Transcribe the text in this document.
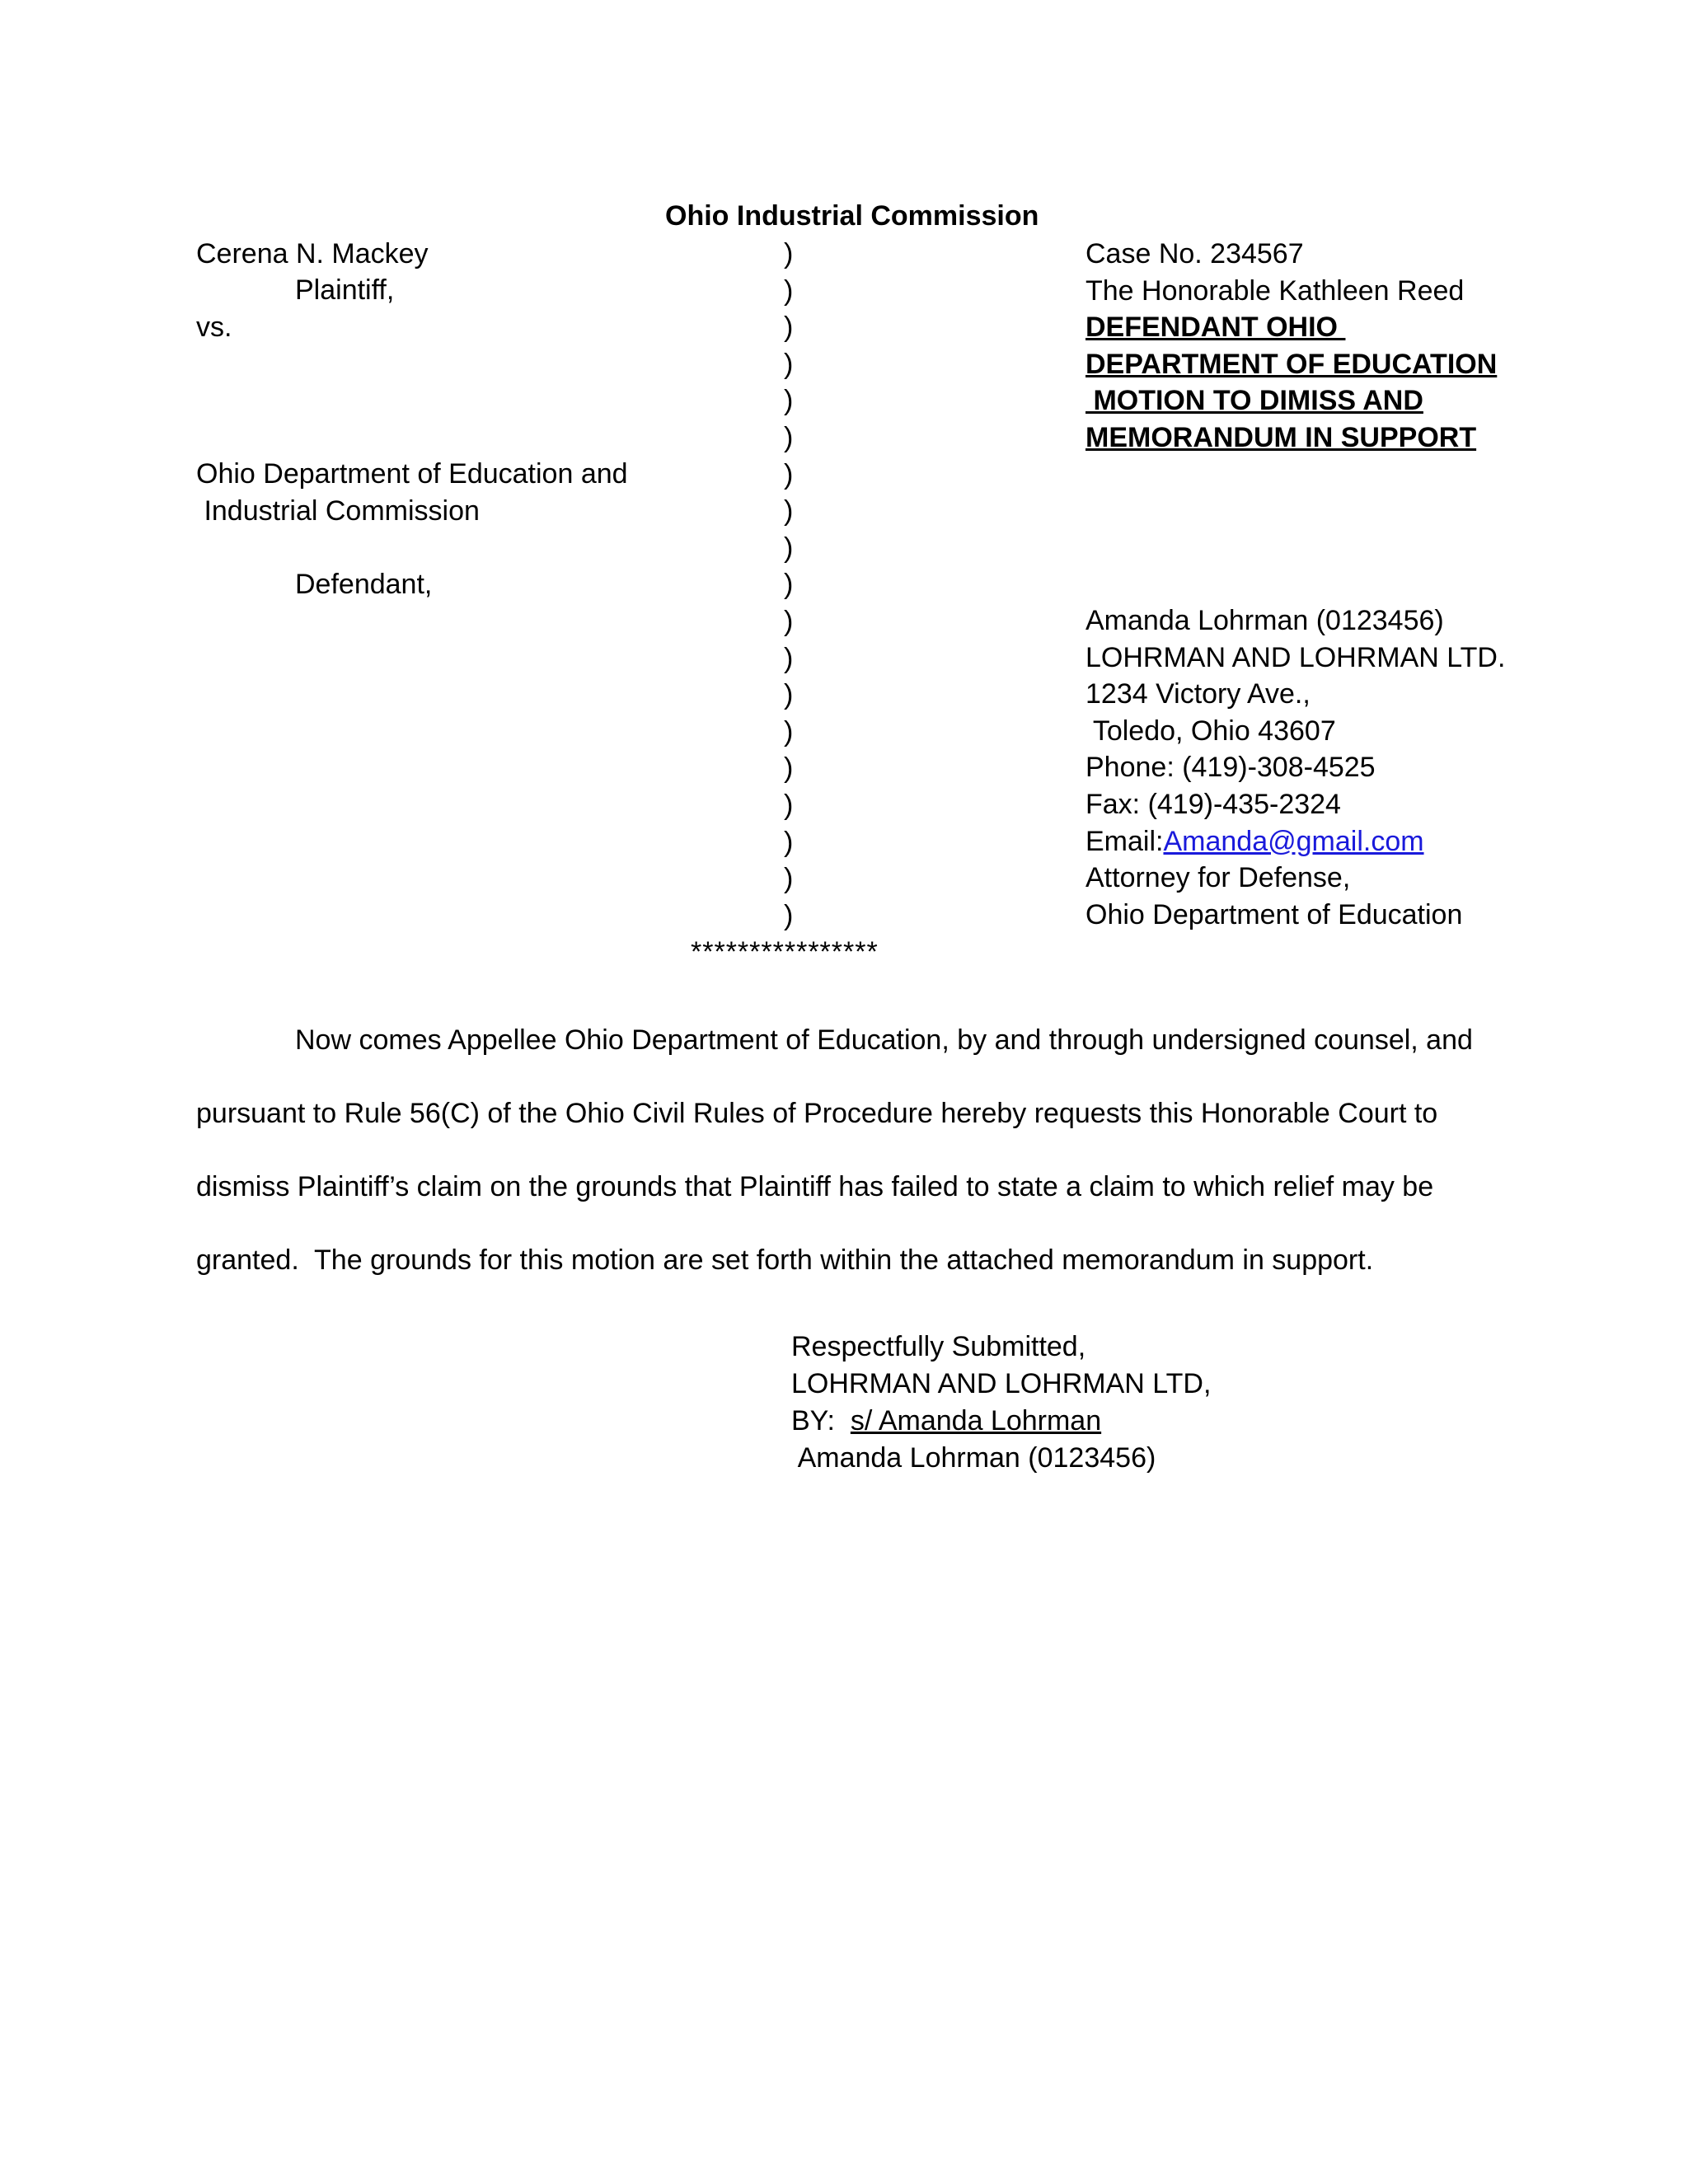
Ohio Industrial Commission
Cerena N. Mackey
Plaintiff,
vs.
Ohio Department of Education and
Industrial Commission
Defendant,
)
)
)
)
)
)
)
)
)
)
)
)
)
)
)
)
)
)
)
Case No. 234567
The Honorable Kathleen Reed
DEFENDANT OHIO
DEPARTMENT OF EDUCATION
MOTION TO DIMISS AND
MEMORANDUM IN SUPPORT
Amanda Lohrman (0123456)
LOHRMAN AND LOHRMAN LTD.
1234 Victory Ave.,
Toledo, Ohio 43607
Phone: (419)-308-4525
Fax: (419)-435-2324
Email:Amanda@gmail.com
Attorney for Defense,
Ohio Department of Education
****************
Now comes Appellee Ohio Department of Education, by and through undersigned counsel, and
pursuant to Rule 56(C) of the Ohio Civil Rules of Procedure hereby requests this Honorable Court to
dismiss Plaintiff’s claim on the grounds that Plaintiff has failed to state a claim to which relief may be
granted.  The grounds for this motion are set forth within the attached memorandum in support.
Respectfully Submitted,
LOHRMAN AND LOHRMAN LTD,
BY:  s/ Amanda Lohrman
Amanda Lohrman (0123456)
